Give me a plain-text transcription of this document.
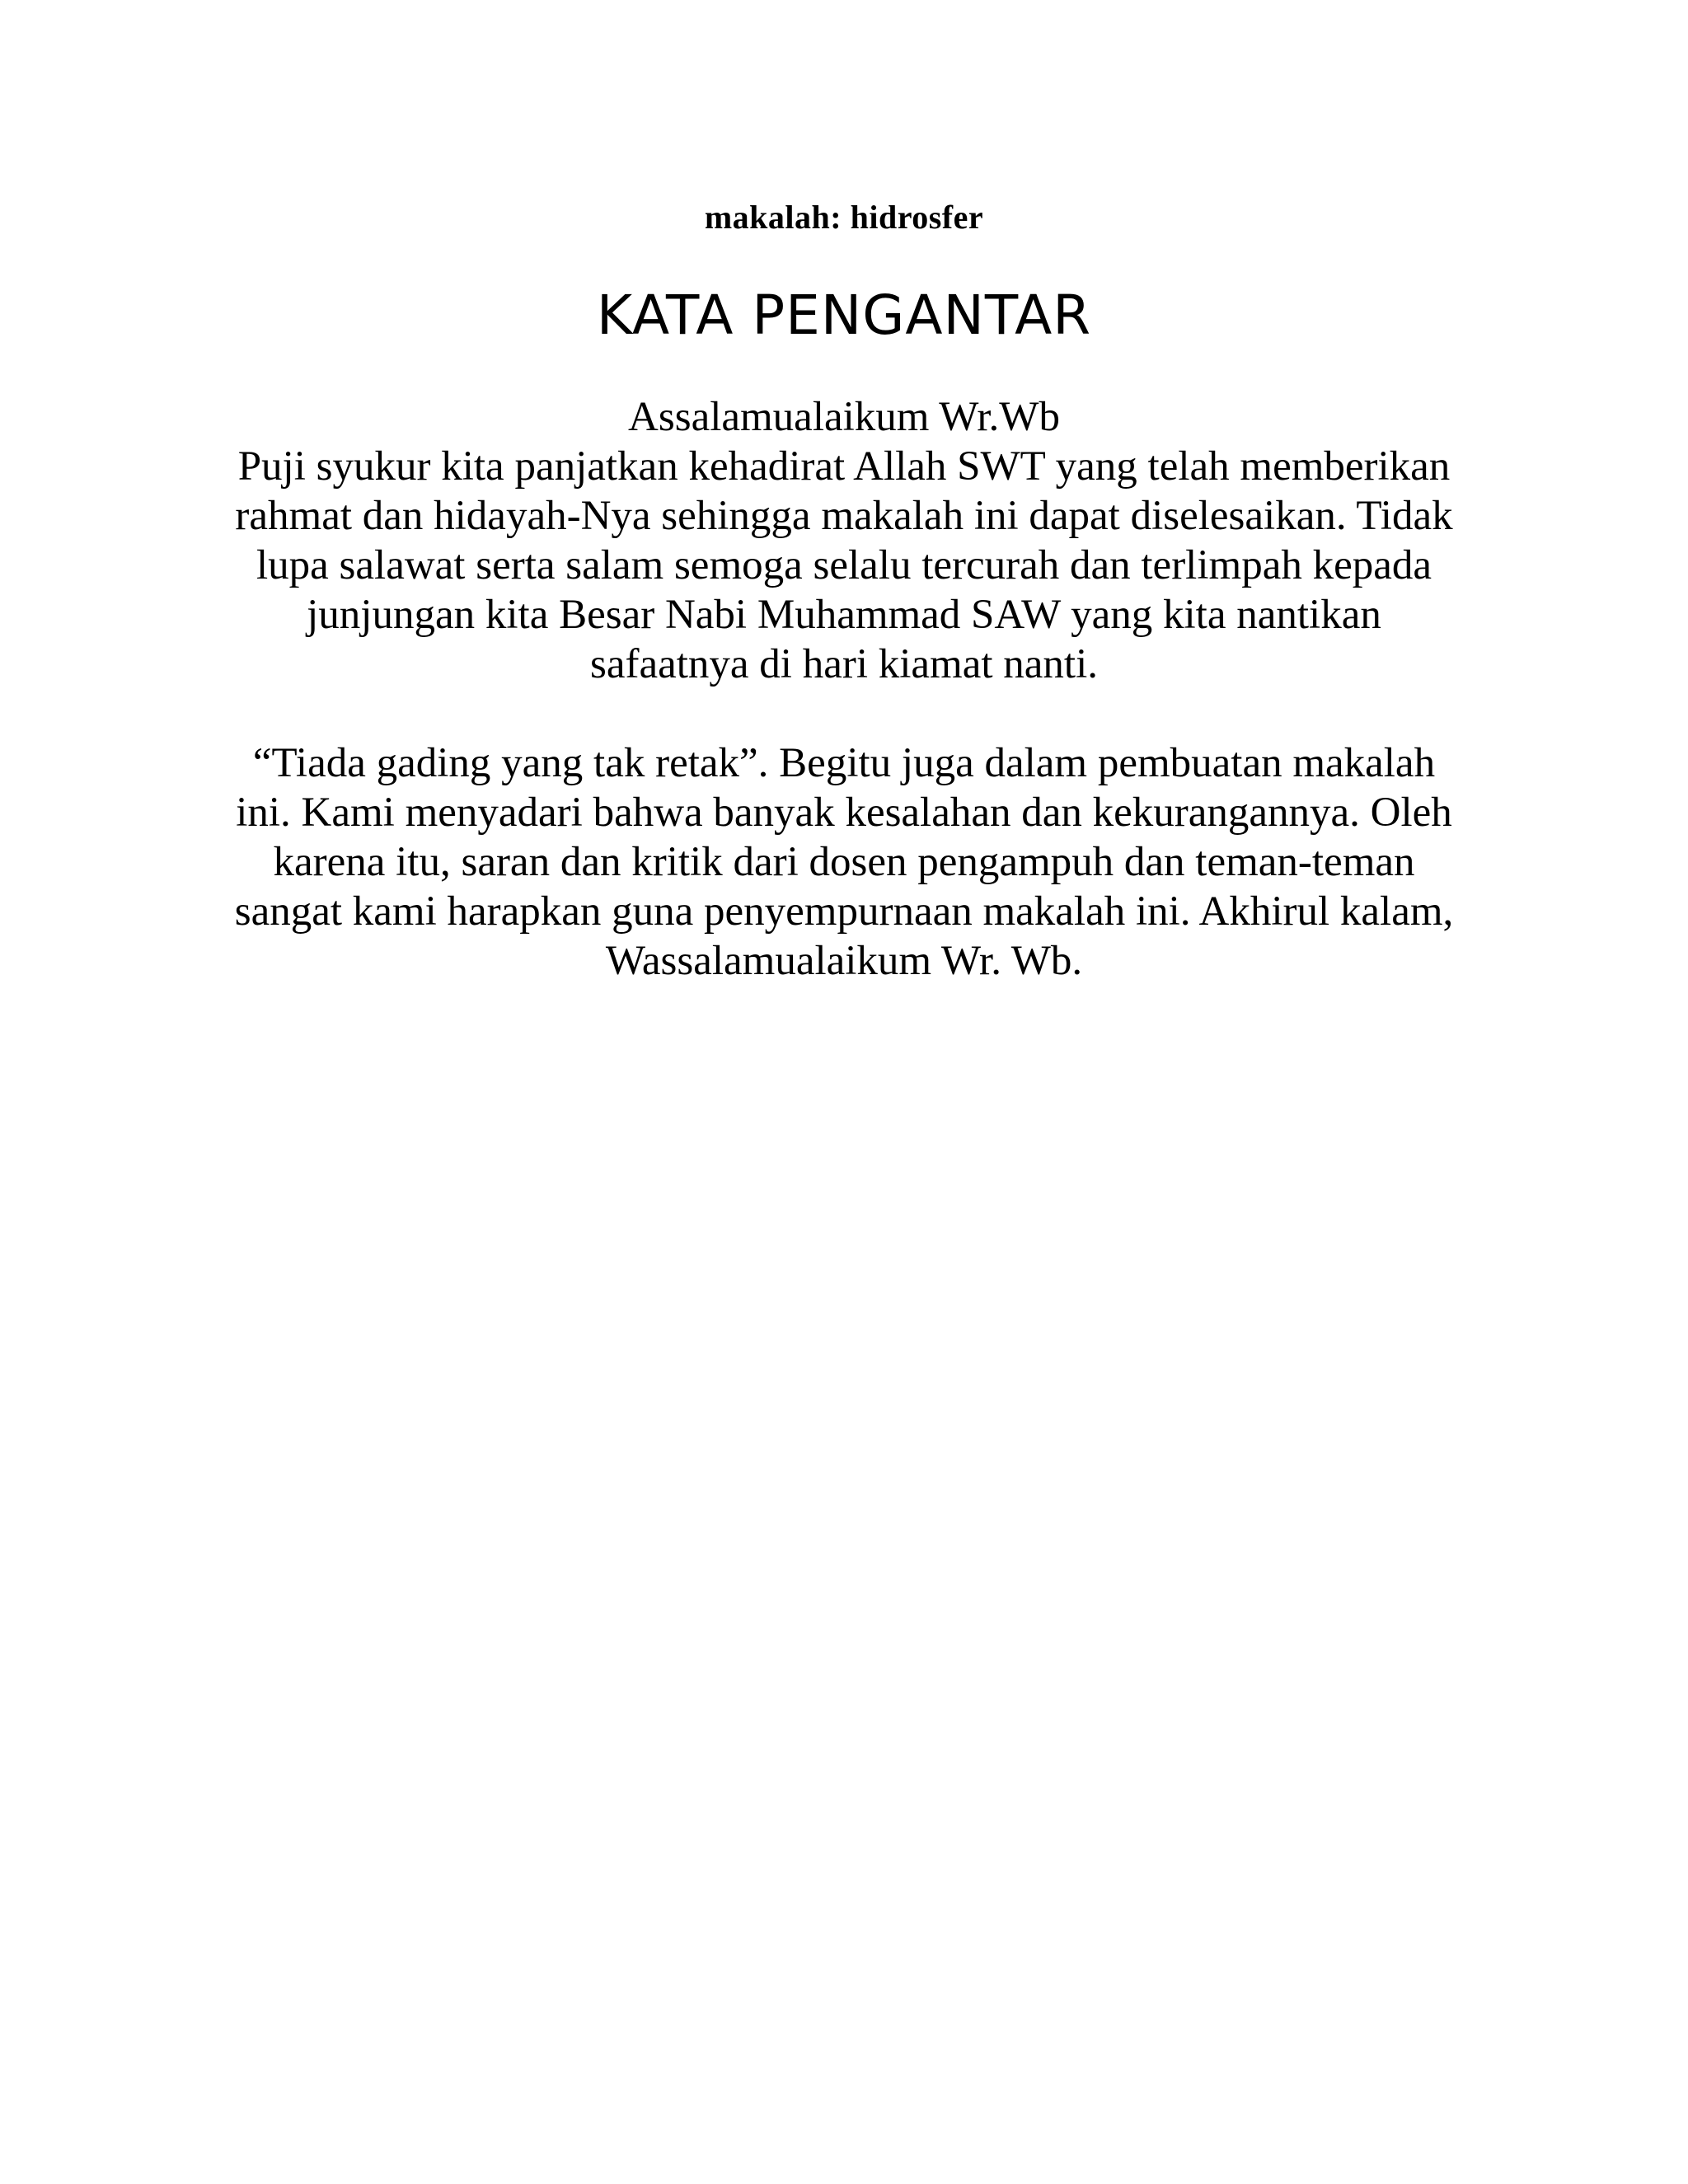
makalah: hidrosfer
KATA PENGANTAR
Assalamualaikum Wr.Wb
Puji syukur kita panjatkan kehadirat Allah SWT yang telah memberikan
rahmat dan hidayah-Nya sehingga makalah ini dapat diselesaikan. Tidak
lupa salawat serta salam semoga selalu tercurah dan terlimpah kepada
junjungan kita Besar Nabi Muhammad SAW yang kita nantikan
safaatnya di hari kiamat nanti.
“Tiada gading yang tak retak”. Begitu juga dalam pembuatan makalah
ini. Kami menyadari bahwa banyak kesalahan dan kekurangannya. Oleh
karena itu, saran dan kritik dari dosen pengampuh dan teman-teman
sangat kami harapkan guna penyempurnaan makalah ini. Akhirul kalam,
Wassalamualaikum Wr. Wb.
